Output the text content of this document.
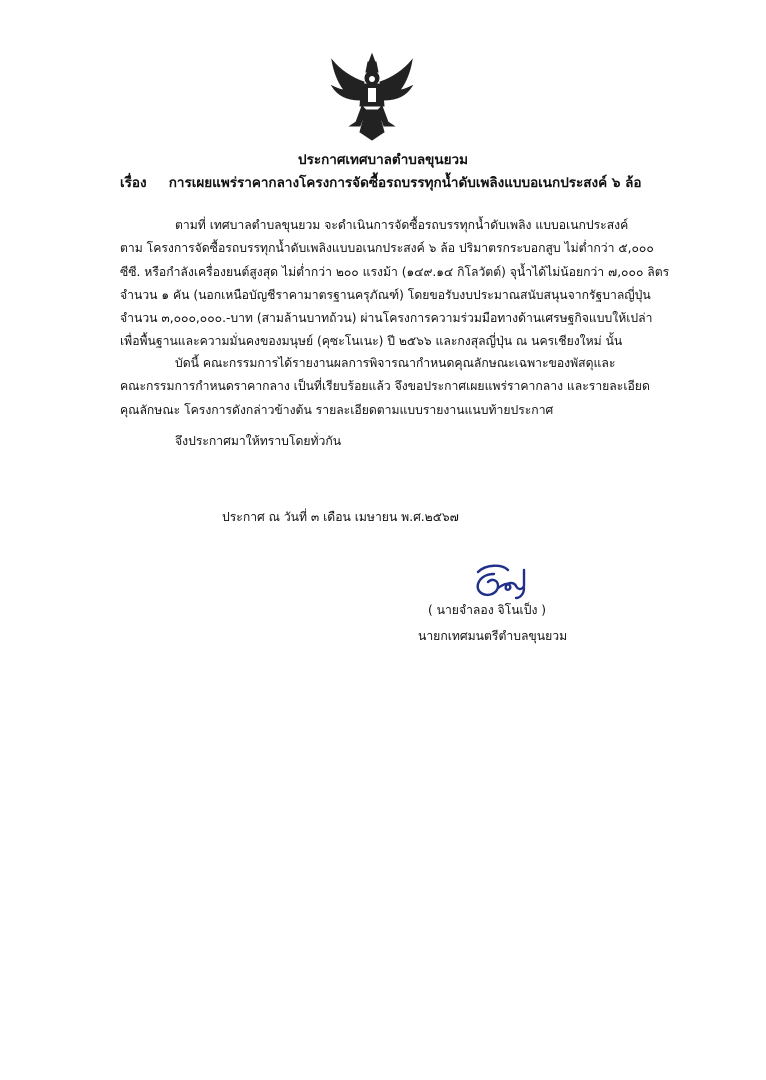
ประกาศเทศบาลตำบลขุนยวม
เรื่อง การเผยแพร่ราคากลางโครงการจัดซื้อรถบรรทุกน้ำดับเพลิงแบบอเนกประสงค์ ๖ ล้อ
ตามที่ เทศบาลตำบลขุนยวม จะดำเนินการจัดซื้อรถบรรทุกน้ำดับเพลิง แบบอเนกประสงค์
ตาม โครงการจัดซื้อรถบรรทุกน้ำดับเพลิงแบบอเนกประสงค์ ๖ ล้อ ปริมาตรกระบอกสูบ ไม่ต่ำกว่า ๕,๐๐๐
ซีซี. หรือกำลังเครื่องยนต์สูงสุด ไม่ต่ำกว่า ๒๐๐ แรงม้า (๑๔๙.๑๔ กิโลวัตต์) จุน้ำได้ไม่น้อยกว่า ๗,๐๐๐ ลิตร
จำนวน ๑ คัน (นอกเหนือบัญชีราคามาตรฐานครุภัณฑ์) โดยขอรับงบประมาณสนับสนุนจากรัฐบาลญี่ปุ่น
จำนวน ๓,๐๐๐,๐๐๐.-บาท (สามล้านบาทถ้วน) ผ่านโครงการความร่วมมือทางด้านเศรษฐกิจแบบให้เปล่า
เพื่อพื้นฐานและความมั่นคงของมนุษย์ (คุซะโนเนะ) ปี ๒๕๖๖ และกงสุลญี่ปุ่น ณ นครเชียงใหม่ นั้น
บัดนี้ คณะกรรมการได้รายงานผลการพิจารณากำหนดคุณลักษณะเฉพาะของพัสดุและ
คณะกรรมการกำหนดราคากลาง เป็นที่เรียบร้อยแล้ว จึงขอประกาศเผยแพร่ราคากลาง และรายละเอียด
คุณลักษณะ โครงการดังกล่าวข้างต้น รายละเอียดตามแบบรายงานแนบท้ายประกาศ
จึงประกาศมาให้ทราบโดยทั่วกัน
ประกาศ ณ วันที่ ๓ เดือน เมษายน พ.ศ.๒๕๖๗
( นายจำลอง จิโนเป็ง )
นายกเทศมนตรีตำบลขุนยวม
